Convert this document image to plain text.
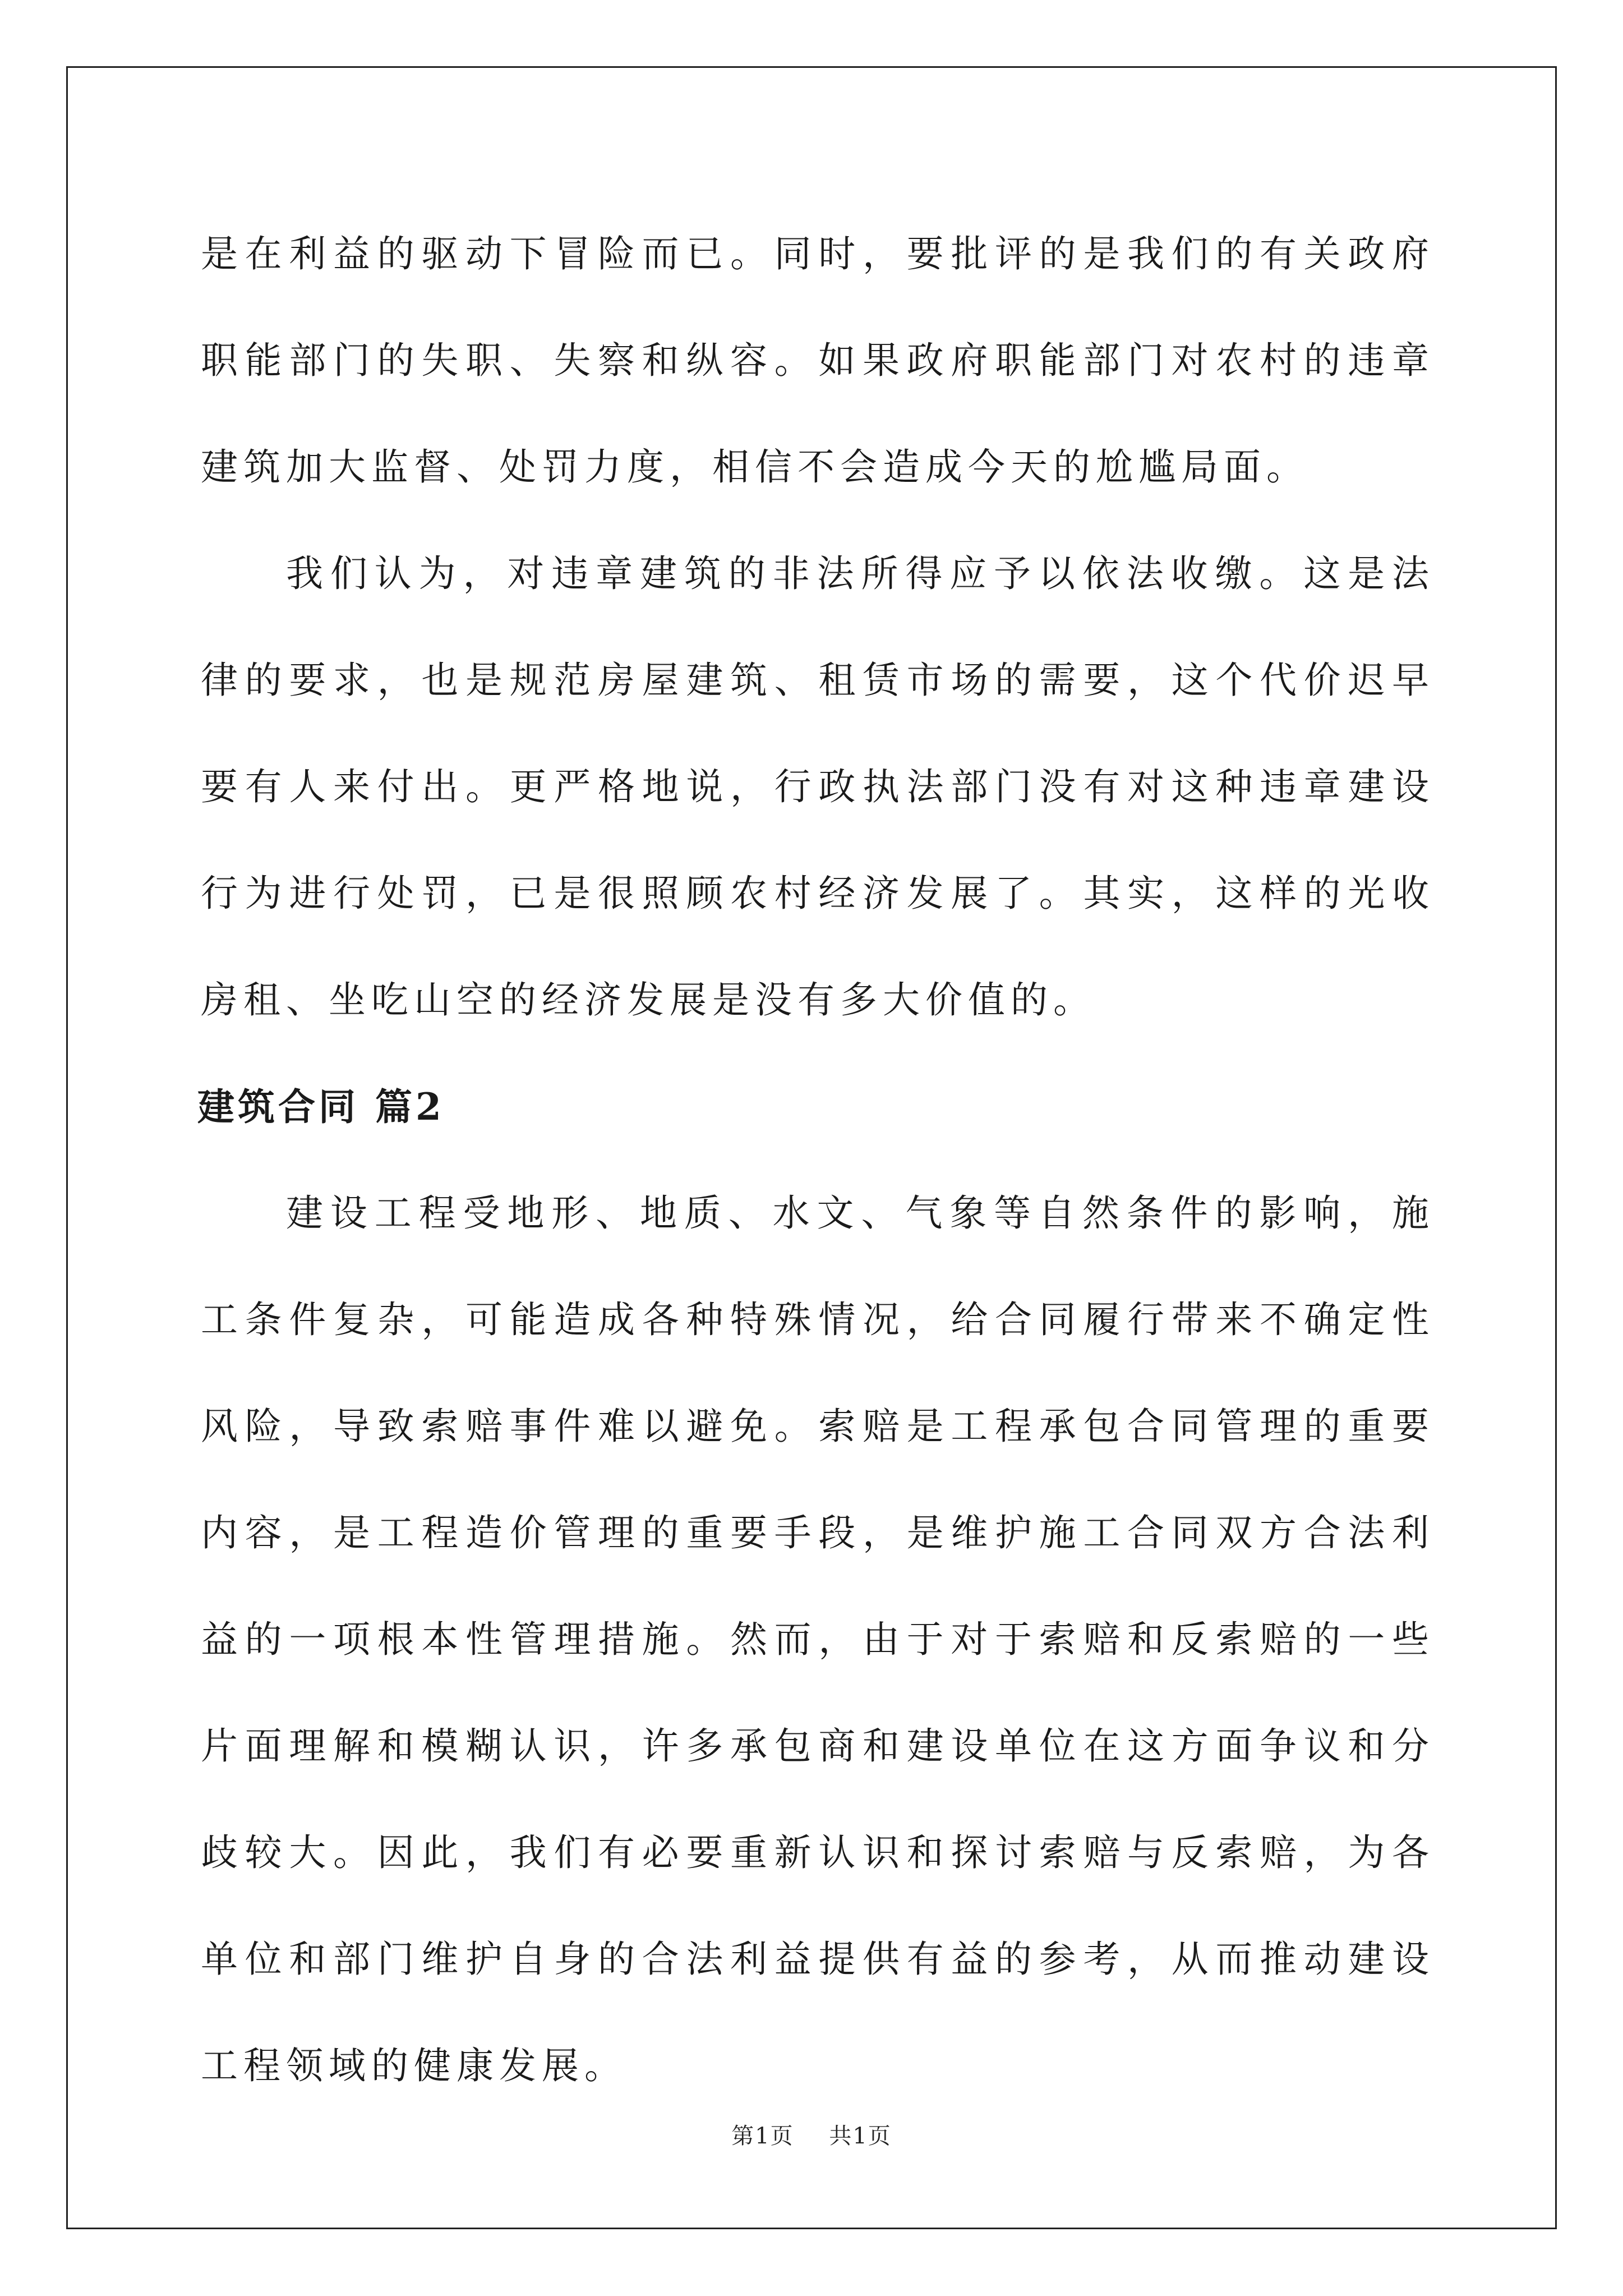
是在利益的驱动下冒险而已。同时，要批评的是我们的有关政府职能部门的失职、失察和纵容。如果政府职能部门对农村的违章建筑加大监督、处罚力度，相信不会造成今天的尬尴局面。

我们认为，对违章建筑的非法所得应予以依法收缴。这是法律的要求，也是规范房屋建筑、租赁市场的需要，这个代价迟早要有人来付出。更严格地说，行政执法部门没有对这种违章建设行为进行处罚，已是很照顾农村经济发展了。其实，这样的光收房租、坐吃山空的经济发展是没有多大价值的。

建筑合同 篇2

建设工程受地形、地质、水文、气象等自然条件的影响，施工条件复杂，可能造成各种特殊情况，给合同履行带来不确定性风险，导致索赔事件难以避免。索赔是工程承包合同管理的重要内容，是工程造价管理的重要手段，是维护施工合同双方合法利益的一项根本性管理措施。然而，由于对于索赔和反索赔的一些片面理解和模糊认识，许多承包商和建设单位在这方面争议和分歧较大。因此，我们有必要重新认识和探讨索赔与反索赔，为各单位和部门维护自身的合法利益提供有益的参考，从而推动建设工程领域的健康发展。

第1页 共1页
